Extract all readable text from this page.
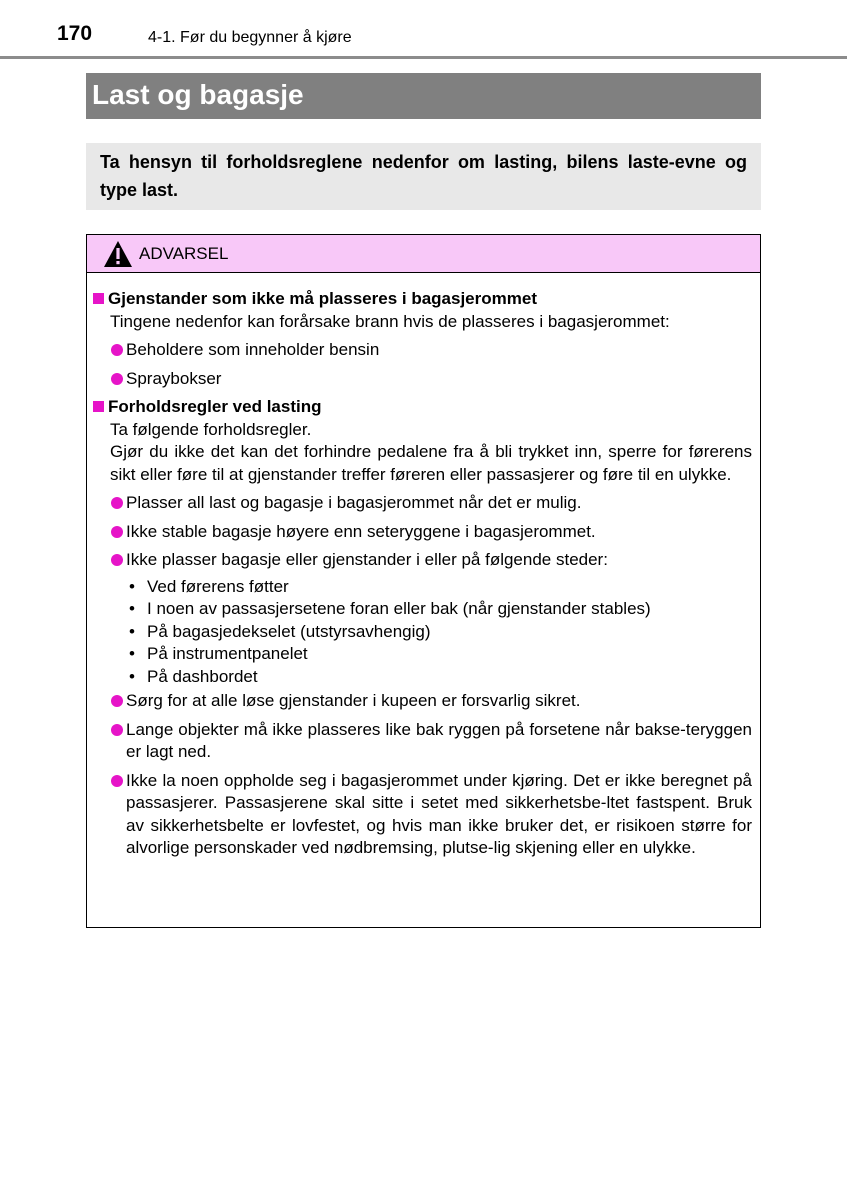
170	4-1. Før du begynner å kjøre
Last og bagasje
Ta hensyn til forholdsreglene nedenfor om lasting, bilens laste-evne og type last.
ADVARSEL
Gjenstander som ikke må plasseres i bagasjerommet
Tingene nedenfor kan forårsake brann hvis de plasseres i bagasjerommet:
Beholdere som inneholder bensin
Spraybokser
Forholdsregler ved lasting
Ta følgende forholdsregler.
Gjør du ikke det kan det forhindre pedalene fra å bli trykket inn, sperre for førerens sikt eller føre til at gjenstander treffer føreren eller passasjerer og føre til en ulykke.
Plasser all last og bagasje i bagasjerommet når det er mulig.
Ikke stable bagasje høyere enn seteryggene i bagasjerommet.
Ikke plasser bagasje eller gjenstander i eller på følgende steder:
• Ved førerens føtter
• I noen av passasjersetene foran eller bak (når gjenstander stables)
• På bagasjedekselet (utstyrsavhengig)
• På instrumentpanelet
• På dashbordet
Sørg for at alle løse gjenstander i kupeen er forsvarlig sikret.
Lange objekter må ikke plasseres like bak ryggen på forsetene når bakse-teryggen er lagt ned.
Ikke la noen oppholde seg i bagasjerommet under kjøring. Det er ikke beregnet på passasjerer. Passasjerene skal sitte i setet med sikkerhetsbe-ltet fastspent. Bruk av sikkerhetsbelte er lovfestet, og hvis man ikke bruker det, er risikoen større for alvorlige personskader ved nødbremsing, plutse-lig skjening eller en ulykke.
